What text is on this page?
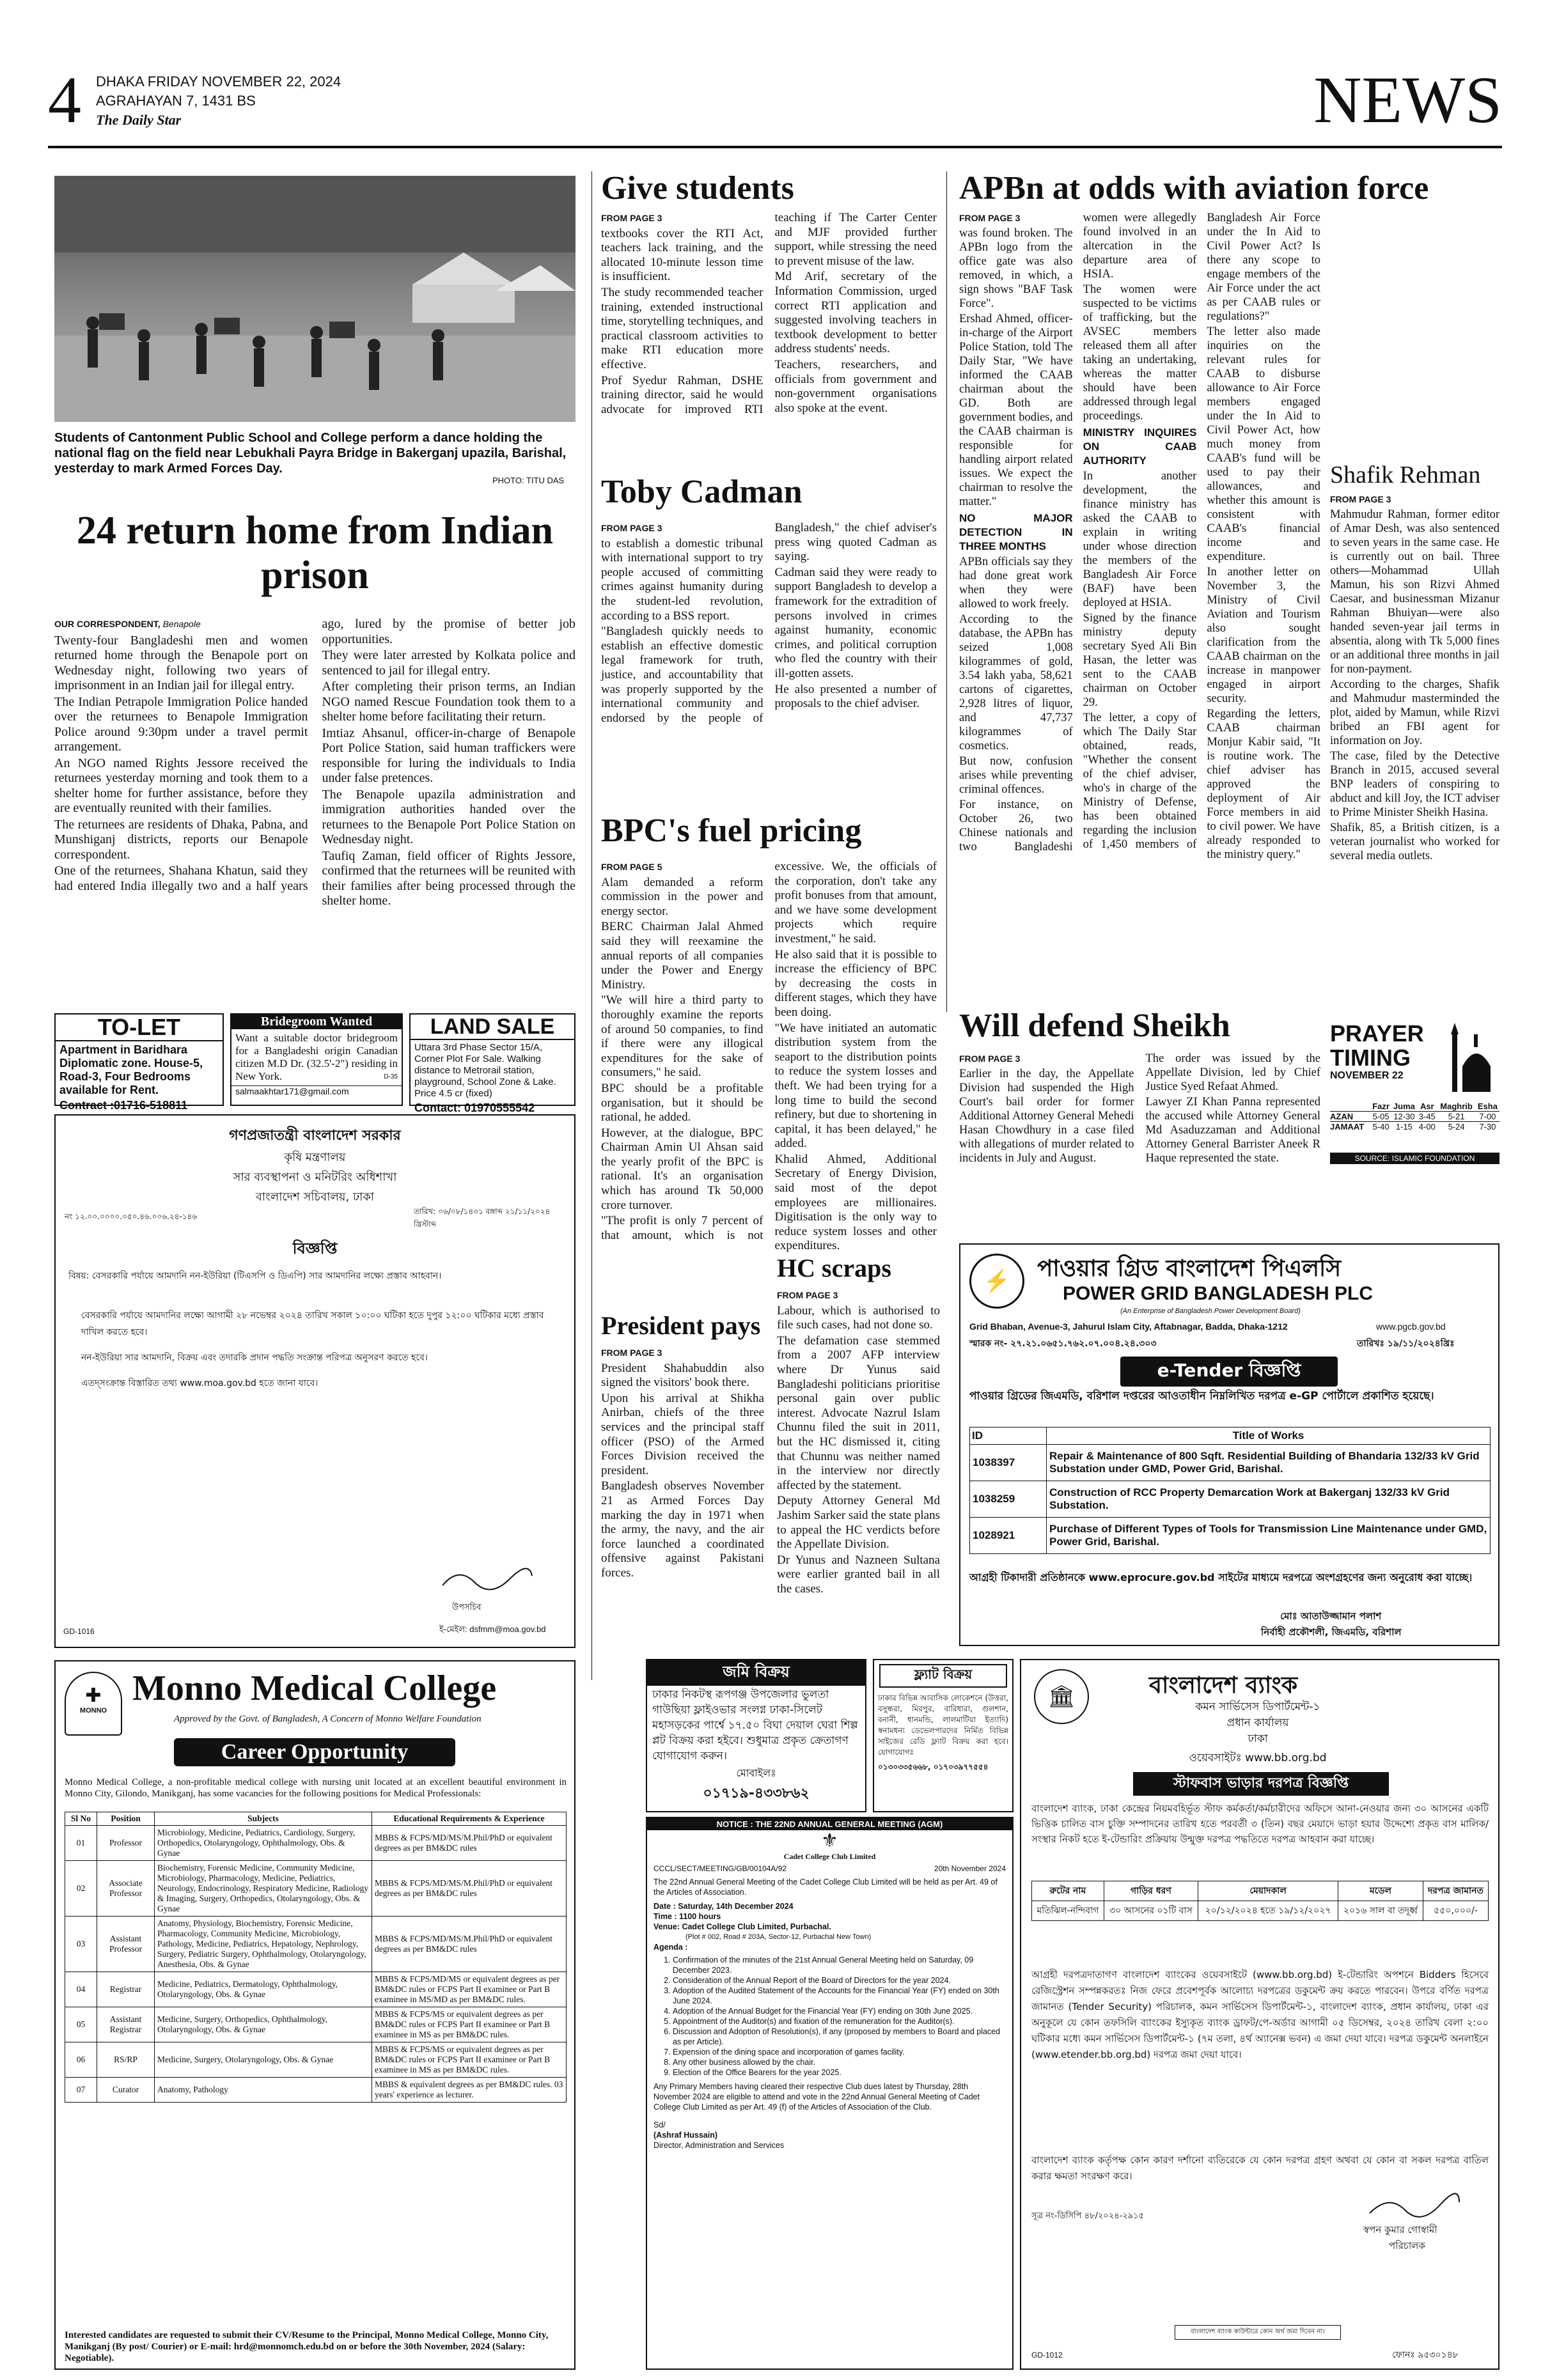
4 DHAKA FRIDAY NOVEMBER 22, 2024
AGRAHAYAN 7, 1431 BS
The Daily Star	NEWS
Students of Cantonment Public School and College perform a dance holding the national flag on the field near Lebukhali Payra Bridge in Bakerganj upazila, Barishal, yesterday to mark Armed Forces Day.
PHOTO: TITU DAS
24 return home from Indian prison

OUR CORRESPONDENT, Benapole

Twenty-four Bangladeshi men and women returned home through the Benapole port on Wednesday night, following two years of imprisonment in an Indian jail for illegal entry.

The Indian Petrapole Immigration Police handed over the returnees to Benapole Immigration Police around 9:30pm under a travel permit arrangement.

An NGO named Rights Jessore received the returnees yesterday morning and took them to a shelter home for further assistance, before they are eventually reunited with their families.

The returnees are residents of Dhaka, Pabna, and Munshiganj districts, reports our Benapole correspondent.

One of the returnees, Shahana Khatun, said they had entered India illegally two and a half years ago, lured by the promise of better job opportunities.

They were later arrested by Kolkata police and sentenced to jail for illegal entry.

After completing their prison terms, an Indian NGO named Rescue Foundation took them to a shelter home before facilitating their return.

Imtiaz Ahsanul, officer-in-charge of Benapole Port Police Station, said human traffickers were responsible for luring the individuals to India under false pretences.

The Benapole upazila administration and immigration authorities handed over the returnees to the Benapole Port Police Station on Wednesday night.

Taufiq Zaman, field officer of Rights Jessore, confirmed that the returnees will be reunited with their families after being processed through the shelter home.

TO-LET
Apartment in Baridhara Diplomatic zone. House-5, Road-3, Four Bedrooms available for Rent.
Contract :01716-518811
Bridegroom Wanted
Want a suitable doctor bridegroom for a Bangladeshi origin Canadian citizen M.D Dr. (32.5'-2") residing in New York.
salmaakhtar171@gmail.com
D-35
LAND SALE
Uttara 3rd Phase Sector 15/A, Corner Plot For Sale. Walking distance to Metrorail station, playground, School Zone & Lake. Price 4.5 cr (fixed)
Contact: 01970555542
গণপ্রজাতন্ত্রী বাংলাদেশ সরকার
কৃষি মন্ত্রণালয়
সার ব্যবস্থাপনা ও মনিটরিং অধিশাখা
বাংলাদেশ সচিবালয়, ঢাকা
নং ১২.০০.০০০০.০৫০.৪৬.০০৬.২৪-১৪৬
তারিখ: ০৬/০৮/১৪৩১ বঙ্গাব্দ ২১/১১/২০২৪ খ্রিস্টাব্দ
বিজ্ঞপ্তি
বিষয়: বেসরকারি পর্যায়ে আমদানি নন-ইউরিয়া (টিএসপি ও ডিএপি) সার আমদানির লক্ষ্যে প্রস্তাব আহবান।

বেসরকারি পর্যায়ে আমদানির লক্ষ্যে আগামী ২৮ নভেম্বর ২০২৪ তারিখ সকাল ১০:০০ ঘটিকা হতে দুপুর ১২:০০ ঘটিকার মধ্যে প্রস্তাব দাখিল করতে হবে।

নন-ইউরিয়া সার আমদানি, বিক্রয় এবং তদারকি প্রদান পদ্ধতি সংক্রান্ত পরিপত্র অনুসরণ করতে হবে।

এতদ্সংক্রান্ত বিস্তারিত তথ্য www.moa.gov.bd হতে জানা যাবে।

উপসচিব
ই-মেইল: dsfmm@moa.gov.bd
GD-1016
✚
MONNO
Monno Medical College
Approved by the Govt. of Bangladesh, A Concern of Monno Welfare Foundation
Career Opportunity
Monno Medical College, a non-profitable medical college with nursing unit located at an excellent beautiful environment in Monno City, Gilondo, Manikganj, has some vacancies for the following positions for Medical Professionals:
Sl No	Position	Subjects	Educational Requirements & Experience
01	Professor	Microbiology, Medicine, Pediatrics, Cardiology, Surgery, Orthopedics, Otolaryngology, Ophthalmology, Obs. & Gynae	MBBS & FCPS/MD/MS/M.Phil/PhD or equivalent degrees as per BM&DC rules
02	Associate Professor	Biochemistry, Forensic Medicine, Community Medicine, Microbiology, Pharmacology, Medicine, Pediatrics, Neurology, Endocrinology, Respiratory Medicine, Radiology & Imaging, Surgery, Orthopedics, Otolaryngology, Obs. & Gynae	MBBS & FCPS/MD/MS/M.Phil/PhD or equivalent degrees as per BM&DC rules
03	Assistant Professor	Anatomy, Physiology, Biochemistry, Forensic Medicine, Pharmacology, Community Medicine, Microbiology, Pathology, Medicine, Pediatrics, Hepatology, Nephrology, Surgery, Pediatric Surgery, Ophthalmology, Otolaryngology, Anesthesia, Obs. & Gynae	MBBS & FCPS/MD/MS/M.Phil/PhD or equivalent degrees as per BM&DC rules
04	Registrar	Medicine, Pediatrics, Dermatology, Ophthalmology, Otolaryngology, Obs. & Gynae	MBBS & FCPS/MD/MS or equivalent degrees as per BM&DC rules or FCPS Part II examinee or Part B examinee in MS/MD as per BM&DC rules.
05	Assistant Registrar	Medicine, Surgery, Orthopedics, Ophthalmology, Otolaryngology, Obs. & Gynae	MBBS & FCPS/MS or equivalent degrees as per BM&DC rules or FCPS Part II examinee or Part B examinee in MS as per BM&DC rules.
06	RS/RP	Medicine, Surgery, Otolaryngology, Obs. & Gynae	MBBS & FCPS/MS or equivalent degrees as per BM&DC rules or FCPS Part II examinee or Part B examinee in MS as per BM&DC rules.
07	Curator	Anatomy, Pathology	MBBS & equivalent degrees as per BM&DC rules. 03 years' experience as lecturer.
Interested candidates are requested to submit their CV/Resume to the Principal, Monno Medical College, Monno City, Manikganj (By post/ Courier) or E-mail: hrd@monnomch.edu.bd on or before the 30th November, 2024 (Salary: Negotiable).
Give students

FROM PAGE 3

textbooks cover the RTI Act, teachers lack training, and the allocated 10-minute lesson time is insufficient.

The study recommended teacher training, extended instructional time, storytelling techniques, and practical classroom activities to make RTI education more effective.

Prof Syedur Rahman, DSHE training director, said he would advocate for improved RTI teaching if The Carter Center and MJF provided further support, while stressing the need to prevent misuse of the law.

Md Arif, secretary of the Information Commission, urged correct RTI application and suggested involving teachers in textbook development to better address students' needs.

Teachers, researchers, and officials from government and non-government organisations also spoke at the event.

Toby Cadman

FROM PAGE 3

to establish a domestic tribunal with international support to try people accused of committing crimes against humanity during the student-led revolution, according to a BSS report.

"Bangladesh quickly needs to establish an effective domestic legal framework for truth, justice, and accountability that was properly supported by the international community and endorsed by the people of Bangladesh," the chief adviser's press wing quoted Cadman as saying.

Cadman said they were ready to support Bangladesh to develop a framework for the extradition of persons involved in crimes against humanity, economic crimes, and political corruption who fled the country with their ill-gotten assets.

He also presented a number of proposals to the chief adviser.

BPC's fuel pricing

FROM PAGE 5

Alam demanded a reform commission in the power and energy sector.

BERC Chairman Jalal Ahmed said they will reexamine the annual reports of all companies under the Power and Energy Ministry.

"We will hire a third party to thoroughly examine the reports of around 50 companies, to find if there were any illogical expenditures for the sake of consumers," he said.

BPC should be a profitable organisation, but it should be rational, he added.

However, at the dialogue, BPC Chairman Amin Ul Ahsan said the yearly profit of the BPC is rational. It's an organisation which has around Tk 50,000 crore turnover.

"The profit is only 7 percent of that amount, which is not excessive. We, the officials of the corporation, don't take any profit bonuses from that amount, and we have some development projects which require investment," he said.

He also said that it is possible to increase the efficiency of BPC by decreasing the costs in different stages, which they have been doing.

"We have initiated an automatic distribution system from the seaport to the distribution points to reduce the system losses and theft. We had been trying for a long time to build the second refinery, but due to shortening in capital, it has been delayed," he added.

Khalid Ahmed, Additional Secretary of Energy Division, said most of the depot employees are millionaires. Digitisation is the only way to reduce system losses and other expenditures.

President pays

FROM PAGE 3

President Shahabuddin also signed the visitors' book there.

Upon his arrival at Shikha Anirban, chiefs of the three services and the principal staff officer (PSO) of the Armed Forces Division received the president.

Bangladesh observes November 21 as Armed Forces Day marking the day in 1971 when the army, the navy, and the air force launched a coordinated offensive against Pakistani forces.

HC scraps

FROM PAGE 3

Labour, which is authorised to file such cases, had not done so.

The defamation case stemmed from a 2007 AFP interview where Dr Yunus said Bangladeshi politicians prioritise personal gain over public interest. Advocate Nazrul Islam Chunnu filed the suit in 2011, but the HC dismissed it, citing that Chunnu was neither named in the interview nor directly affected by the statement.

Deputy Attorney General Md Jashim Sarker said the state plans to appeal the HC verdicts before the Appellate Division.

Dr Yunus and Nazneen Sultana were earlier granted bail in all the cases.

APBn at odds with aviation force

FROM PAGE 3

was found broken. The APBn logo from the office gate was also removed, in which, a sign shows "BAF Task Force".

Ershad Ahmed, officer-in-charge of the Airport Police Station, told The Daily Star, "We have informed the CAAB chairman about the GD. Both are government bodies, and the CAAB chairman is responsible for handling airport related issues. We expect the chairman to resolve the matter."

NO MAJOR DETECTION IN THREE MONTHS

APBn officials say they had done great work when they were allowed to work freely.

According to the database, the APBn has seized 1,008 kilogrammes of gold, 3.54 lakh yaba, 58,621 cartons of cigarettes, 2,928 litres of liquor, and 47,737 kilogrammes of cosmetics.

But now, confusion arises while preventing criminal offences.

For instance, on October 26, two Chinese nationals and two Bangladeshi women were allegedly found involved in an altercation in the departure area of HSIA.

The women were suspected to be victims of trafficking, but the AVSEC members released them all after taking an undertaking, whereas the matter should have been addressed through legal proceedings.

MINISTRY INQUIRES ON CAAB AUTHORITY

In another development, the finance ministry has asked the CAAB to explain in writing under whose direction the members of the Bangladesh Air Force (BAF) have been deployed at HSIA.

Signed by the finance ministry deputy secretary Syed Ali Bin Hasan, the letter was sent to the CAAB chairman on October 29.

The letter, a copy of which The Daily Star obtained, reads, "Whether the consent of the chief adviser, who's in charge of the Ministry of Defense, has been obtained regarding the inclusion of 1,450 members of Bangladesh Air Force under the In Aid to Civil Power Act? Is there any scope to engage members of the Air Force under the act as per CAAB rules or regulations?"

The letter also made inquiries on the relevant rules for CAAB to disburse allowance to Air Force members engaged under the In Aid to Civil Power Act, how much money from CAAB's fund will be used to pay their allowances, and whether this amount is consistent with CAAB's financial income and expenditure.

In another letter on November 3, the Ministry of Civil Aviation and Tourism also sought clarification from the CAAB chairman on the increase in manpower engaged in airport security.

Regarding the letters, CAAB chairman Monjur Kabir said, "It is routine work. The chief adviser has approved the deployment of Air Force members in aid to civil power. We have already responded to the ministry query."

Shafik Rehman

FROM PAGE 3

Mahmudur Rahman, former editor of Amar Desh, was also sentenced to seven years in the same case. He is currently out on bail. Three others—Mohammad Ullah Mamun, his son Rizvi Ahmed Caesar, and businessman Mizanur Rahman Bhuiyan—were also handed seven-year jail terms in absentia, along with Tk 5,000 fines or an additional three months in jail for non-payment.

According to the charges, Shafik and Mahmudur masterminded the plot, aided by Mamun, while Rizvi bribed an FBI agent for information on Joy.

The case, filed by the Detective Branch in 2015, accused several BNP leaders of conspiring to abduct and kill Joy, the ICT adviser to Prime Minister Sheikh Hasina.

Shafik, 85, a British citizen, is a veteran journalist who worked for several media outlets.

Will defend Sheikh

FROM PAGE 3

Earlier in the day, the Appellate Division had suspended the High Court's bail order for former Additional Attorney General Mehedi Hasan Chowdhury in a case filed with allegations of murder related to incidents in July and August.

The order was issued by the Appellate Division, led by Chief Justice Syed Refaat Ahmed.

Lawyer ZI Khan Panna represented the accused while Attorney General Md Asaduzzaman and Additional Attorney General Barrister Aneek R Haque represented the state.

PRAYER
TIMING
NOVEMBER 22
	Fazr	Juma	Asr	Maghrib	Esha
AZAN	5-05	12-30	3-45	5-21	7-00
JAMAAT	5-40	1-15	4-00	5-24	7-30
SOURCE: ISLAMIC FOUNDATION
⚡	পাওয়ার গ্রিড বাংলাদেশ পিএলসি
POWER GRID BANGLADESH PLC
(An Enterprise of Bangladesh Power Development Board)
Grid Bhaban, Avenue-3, Jahurul Islam City, Aftabnagar, Badda, Dhaka-1212	www.pgcb.gov.bd
স্মারক নং- ২৭.২১.০৬৫১.৭৬২.০৭.০০৪.২৪.৩০৩	তারিখঃ ১৯/১১/২০২৪খ্রিঃ
e-Tender বিজ্ঞপ্তি
পাওয়ার গ্রিডের জিএমডি, বরিশাল দপ্তরের আওতাধীন নিম্নলিখিত দরপত্র e-GP পোর্টালে প্রকাশিত হয়েছে।
ID	Title of Works
1038397	Repair & Maintenance of 800 Sqft. Residential Building of Bhandaria 132/33 kV Grid Substation under GMD, Power Grid, Barishal.
1038259	Construction of RCC Property Demarcation Work at Bakerganj 132/33 kV Grid Substation.
1028921	Purchase of Different Types of Tools for Transmission Line Maintenance under GMD, Power Grid, Barishal.
আগ্রহী টিকাদারী প্রতিষ্ঠানকে www.eprocure.gov.bd সাইটের মাধ্যমে দরপত্রে অংশগ্রহণের জন্য অনুরোধ করা যাচ্ছে।
মোঃ আতাউজ্জামান পলাশ
নির্বাহী প্রকৌশলী, জিএমডি, বরিশাল
জমি বিক্রয়
ঢাকার নিকটস্থ রূপগঞ্জ উপজেলার ভুলতা গাউছিয়া ফ্লাইওভার সংলগ্ন ঢাকা-সিলেট মহাসড়কের পার্শ্বে ১৭.৫০ বিঘা দেয়াল ঘেরা শিল্প প্লট বিক্রয় করা হইবে। শুধুমাত্র প্রকৃত ক্রেতাগণ যোগাযোগ করুন।
মোবাইলঃ
০১৭১৯-৪৩৩৮৬২
ফ্ল্যাট বিক্রয়
ঢাকার বিভিন্ন আবাসিক লোকেশনে (উত্তরা, বসুন্ধরা, মিরপুর, বারিধারা, গুলশান, বনানী, ধানমন্ডি, লালমাটিয়া ইত্যাদি) স্বনামধন্য ডেভেলপারদের নির্মিত বিভিন্ন সাইজের রেডি ফ্ল্যাট বিক্রয় করা হবে। যোগাযোগঃ
০১৩০৩৩৫৬৬৮, ০১৭০৩৯৭৭৫৫৪
NOTICE : THE 22ND ANNUAL GENERAL MEETING (AGM)
⚜
Cadet College Club Limited
CCCL/SECT/MEETING/GB/00104A/92	20th November 2024
The 22nd Annual General Meeting of the Cadet College Club Limited will be held as per Art. 49 of the Articles of Association.
Date : Saturday, 14th December 2024
Time : 1100 hours
Venue: Cadet College Club Limited, Purbachal.
(Plot # 002, Road # 203A, Sector-12, Purbachal New Town)
Agenda :
1. Confirmation of the minutes of the 21st Annual General Meeting held on Saturday, 09 December 2023.
2. Consideration of the Annual Report of the Board of Directors for the year 2024.
3. Adoption of the Audited Statement of the Accounts for the Financial Year (FY) ended on 30th June 2024.
4. Adoption of the Annual Budget for the Financial Year (FY) ending on 30th June 2025.
5. Appointment of the Auditor(s) and fixation of the remuneration for the Auditor(s).
6. Discussion and Adoption of Resolution(s), if any (proposed by members to Board and placed as per Article).
7. Expension of the dining space and incorporation of games facility.
8. Any other business allowed by the chair.
9. Election of the Office Bearers for the year 2025.
Any Primary Members having cleared their respective Club dues latest by Thursday, 28th November 2024 are eligible to attend and vote in the 22nd Annual General Meeting of Cadet College Club Limited as per Art. 49 (f) of the Articles of Association of the Club.
Sd/
(Ashraf Hussain)
Director, Administration and Services
🏛	বাংলাদেশ ব্যাংক
কমন সার্ভিসেস ডিপার্টমেন্ট-১
প্রধান কার্যালয়
ঢাকা
ওয়েবসাইটঃ www.bb.org.bd
স্টাফবাস ভাড়ার দরপত্র বিজ্ঞপ্তি
বাংলাদেশ ব্যাংক, ঢাকা কেন্দ্রের নিয়মবহির্ভূত স্টাফ কর্মকর্তা/কর্মচারীদের অফিসে আনা-নেওয়ার জন্য ৩০ আসনের একটি ভিত্তিক চালিত বাস চুক্তি সম্পাদনের তারিখ হতে পরবর্তী ৩ (তিন) বছর মেয়াদে ভাড়া হয়ার উদ্দেশ্যে প্রকৃত বাস মালিক/সংস্থার নিকট হতে ই-টেন্ডারিং প্রক্রিয়ায় উন্মুক্ত দরপত্র পদ্ধতিতে দরপত্র আহবান করা যাচ্ছে।
রুটের নাম	গাড়ির ধরণ	মেয়াদকাল	মডেল	দরপত্র জামানত
মতিঝিল-নন্দিবাগ	৩০ আসনের ০১টি বাস	২০/১২/২০২৪ হতে ১৯/১২/২০২৭	২০১৬ সাল বা তদূর্ধ্ব	৫৫০,০০০/-
আগ্রহী দরপত্রদাতাগণ বাংলাদেশ ব্যাংকের ওয়েবসাইটে (www.bb.org.bd) ই-টেন্ডারিং অপশনে Bidders হিসেবে রেজিস্ট্রেশন সম্পন্নকরতঃ নিজ ফেরে প্রবেশপূর্বক আলোচ্য দরপত্রের ডকুমেন্ট ক্রয় করতে পারবেন। উপরে বর্ণিত দরপত্র জামানত (Tender Security) পরিচালক, কমন সার্ভিসেস ডিপার্টমেন্ট-১, বাংলাদেশ ব্যাংক, প্রধান কার্যালয়, ঢাকা এর অনুকূলে যে কোন তফসিলি ব্যাংকের ইস্যুকৃত ব্যাংক ড্রাফট/পে-অর্ডার আগামী ০৫ ডিসেম্বর, ২০২৪ তারিখ বেলা ২:০০ ঘটিকার মধ্যে কমন সার্ভিসেস ডিপার্টমেন্ট-১ (৭ম তলা, ৪র্থ অ্যানেক্স ভবন) এ জমা দেয়া যাবে। দরপত্র ডকুমেন্ট অনলাইনে (www.etender.bb.org.bd) দরপত্র জমা দেয়া যাবে।
বাংলাদেশ ব্যাংক কর্তৃপক্ষ কোন কারণ দর্শানো ব্যতিরেকে যে কোন দরপত্র গ্রহণ অথবা যে কোন বা সকল দরপত্র বাতিল করার ক্ষমতা সংরক্ষণ করে।
সূত্র নং-ডিসিপি ৪৮/২০২৪-২৯১৫
স্বপন কুমার গোস্বামী
পরিচালক
বাংলাদেশ ব্যাংক কাউন্টারে কোন অর্থ জমা দিবেন না।
ফোনঃ ৯৫৩০১৪৮
GD-1012
